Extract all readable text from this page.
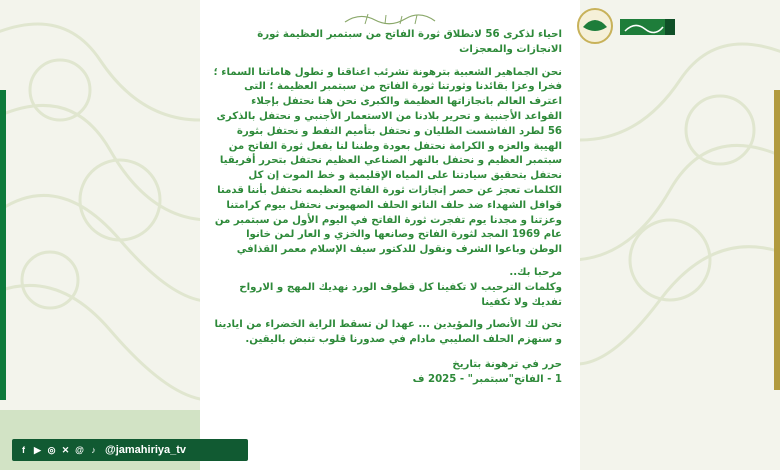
احياء لذكرى 56 لانطلاق ثورة الفاتح من سبتمبر العظيمة ثورة الانجازات والمعجزات
نحن الجماهير الشعبية بترهونة تشرئب اعناقنا و تطول هاماتنا السماء ؛ فخرا وعزا بقائدنا وثورتنا ثورة الفاتح من سبتمبر العظيمة ؛ التى اعترف العالم بانجازاتها العظيمة والكبرى نحن هنا نحتفل بإجلاء القواعد الأجنبية و تحرير بلادنا من الاستعمار الأجنبي و نحتفل بالذكرى 56 لطرد الفاشست الطليان و نحتفل بتأميم النفط و نحتفل بثورة الهيبة والعزه و الكرامة نحتفل بعودة وطننا لنا بفعل ثورة الفاتح من سبتمبر العظيم و نحتفل بالنهر الصناعي العظيم نحتفل بتحرر أفريقيا نحتفل بتحقيق سيادتنا على المياه الإقليمية و خط الموت إن كل الكلمات تعجز عن حصر إنجازات ثورة الفاتح العظيمه نحتفل بأننا قدمنا قوافل الشهداء ضد حلف الناتو الحلف الصهيونى نحتفل بيوم كرامتنا وعزتنا و مجدنا يوم تفجرت ثورة الفاتح في اليوم الأول من سبتمبر من عام 1969 المجد لثورة الفاتح وصانعها والخزي و العار لمن خانوا الوطن وباعوا الشرف ونقول للدكتور سيف الإسلام معمر القذافي
مرحبا بك..
وكلمات الترحيب لا تكفينا كل قطوف الورد نهديك المهج و الارواح تفديك ولا تكفينا
نحن لك الأنصار والمؤيدين ... عهدا لن تسقط الراية الخضراء من ايادينا و سنهزم الحلف الصليبي مادام في صدورنا قلوب تنبض باليقين.
حرر في ترهونة بتاريخ
1 - الفاتح"سبتمبر" - 2025 ف
f	▶ ◎ ✕ @ ♪ @jamahiriya_tv
